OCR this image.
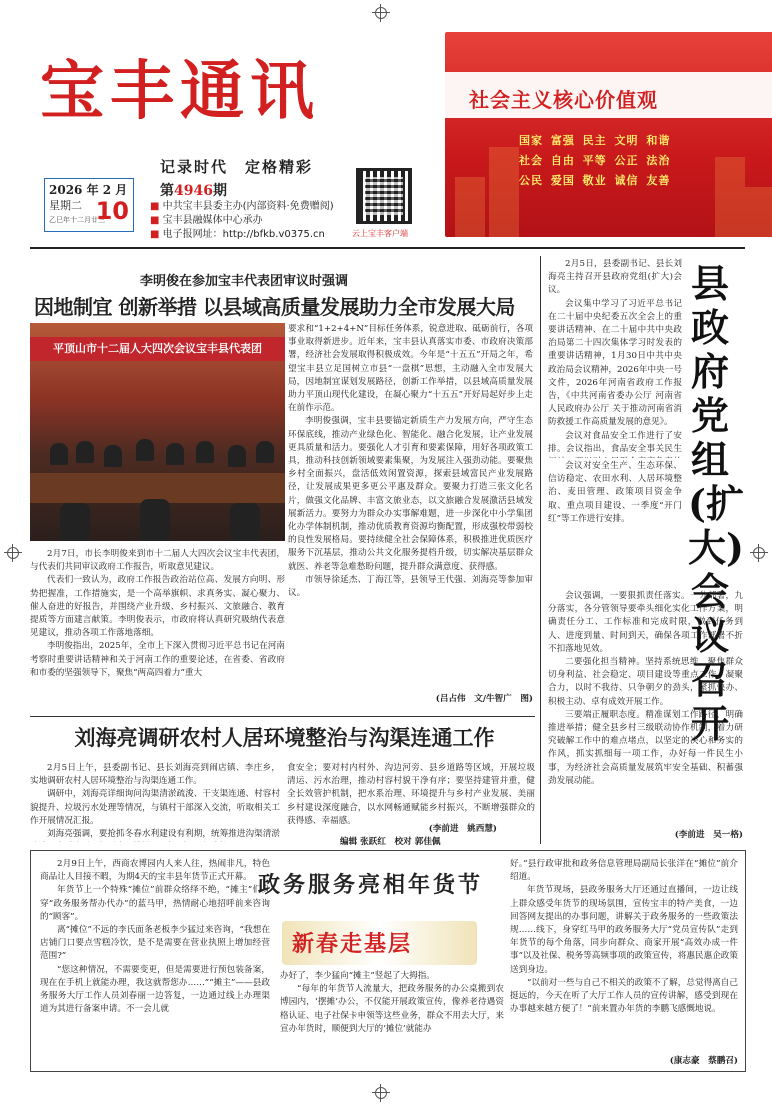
宝丰通讯
记录时代　定格精彩
2026 年 2 月
星期二
乙巳年十二月廿三
10
第4946期
■ 中共宝丰县委主办(内部资料·免费赠阅)
■ 宝丰县融媒体中心承办
■ 电子报网址：http://bfkb.v0375.cn	云上宝丰客户端
社会主义核心价值观
国家 富强 民主 文明 和谐
社会 自由 平等 公正 法治
公民 爱国 敬业 诚信 友善
李明俊在参加宝丰代表团审议时强调
因地制宜 创新举措 以县域高质量发展助力全市发展大局
平顶山市十二届人大四次会议宝丰县代表团

2月7日，市长李明俊来到市十二届人大四次会议宝丰代表团，与代表们共同审议政府工作报告，听取意见建议。

代表们一致认为，政府工作报告政治站位高、发展方向明、形势把握准，工作措施实，是一个高举旗帜、求真务实、凝心聚力、催人奋进的好报告，并围绕产业升级、乡村振兴、文旅融合、教育提质等方面建言献策。李明俊表示，市政府将认真研究吸纳代表意见建议，推动各项工作落地落细。

李明俊指出，2025年，全市上下深入贯彻习近平总书记在河南考察时重要讲话精神和关于河南工作的重要论述，在省委、省政府和市委的坚强领导下，聚焦“两高四着力”重大

要求和“1+2+4+N”目标任务体系，锐意进取、砥砺前行，各项事业取得新进步。近年来，宝丰县认真落实市委、市政府决策部署，经济社会发展取得积极成效。今年是“十五五”开局之年，希望宝丰县立足国树立市县“一盘棋”思想，主动融入全市发展大局，因地制宜谋划发展路径，创新工作举措，以县域高质量发展助力平顶山现代化建设，在凝心聚力“十五五”开好局起好步上走在前作示范。

李明俊强调，宝丰县要锚定新质生产力发展方向，严守生态环保底线，推动产业绿色化、智能化、融合化发展，让产业发展更具质量和活力。要强化人才引育和要素保障，用好各项政策工具，推动科技创新领域要素集聚，为发展注入强劲动能。要聚焦乡村全面振兴，盘活低效闲置资源，探索县域富民产业发展路径，让发展成果更多更公平惠及群众。要聚力打造三张文化名片，做强文化品牌、丰富文旅业态，以文旅融合发展激活县域发展新活力。要努力为群众办实事解难题，进一步深化中小学集团化办学体制机制，推动优质教育资源均衡配置，形成强校带弱校的良性发展格局。要持续健全社会保障体系，积极推进优质医疗服务下沉基层，推动公共文化服务提档升级，切实解决基层群众就医、养老等急难愁盼问题，提升群众满意度、获得感。

市领导徐延杰、丁海江等，县领导王代强、刘海亮等参加审议。

(吕占伟　文/牛智广　图)
刘海亮调研农村人居环境整治与沟渠连通工作

2月5日上午，县委副书记、县长刘海亮到闹店镇、李庄乡，实地调研农村人居环境整治与沟渠连通工作。

调研中，刘海亮详细询问沟渠清淤疏浚、干支渠连通、村容村貌提升、垃圾污水处理等情况，与镇村干部深入交流，听取相关工作开展情况汇报。

刘海亮强调，要抢抓冬春水利建设有利期，统筹推进沟渠清淤

食安全；要对村内村外、沟边河旁、县乡道路等区域，开展垃圾清运、污水治理，推动村容村貌干净有序；要坚持建管并重，健全长效管护机制，把水系治理、环境提升与乡村产业发展、美丽乡村建设深度融合，以水网畅通赋能乡村振兴，不断增强群众的获得感、幸福感。

(李前进　姚西慧)
编辑 张跃红　校对 郭佳佩
县政府党组(扩大)会议召开

2月5日，县委副书记、县长刘海亮主持召开县政府党组(扩大)会议。

会议集中学习了习近平总书记在二十届中央纪委五次全会上的重要讲话精神、在二十届中共中央政治局第二十四次集体学习时发表的重要讲话精神，1月30日中共中央政治局会议精神，2026年中央一号文件，2026年河南省政府工作报告，《中共河南省委办公厅 河南省人民政府办公厅 关于推动河南省消防救援工作高质量发展的意见》。

会议对食品安全工作进行了安排。会议指出，食品安全事关民生

会议对安全生产、生态环保、信访稳定、农田水利、人居环境整治、麦田管理、政策项目资金争取、重点项目建设、一季度“开门红”等工作进行安排。

会议强调，一要狠抓责任落实。一分部署，九分落实，各分管领导要牵头细化实化工作方案，明确责任分工、工作标准和完成时限，做到任务到人、进度到量、时间到天，确保各项工作部署不折不扣落地见效。

二要强化担当精神。坚持系统思维，聚焦群众切身利益、社会稳定、项目建设等重点工作，凝聚合力，以时不我待、只争朝夕的劲头，紧抓快办、积极主动、卓有成效开展工作。

三要端正履职态度。精准谋划工作路径，明确推进举措；健全县乡村三级联动协作机制，着力研究破解工作中的难点堵点，以坚定的决心和务实的作风，抓实抓细每一项工作，办好每一件民生小事，为经济社会高质量发展筑牢安全基础、积蓄强劲发展动能。

(李前进　吴一格)
政务服务亮相年货节
新春走基层

2月9日上午，西商农博园内人来人往，热闹非凡，特色商品让人目接不暇，为期4天的宝丰县年货节正式开幕。

年货节上一个特殊“摊位”前群众络绎不绝，“摊主”们身穿“政务服务帮办代办”的蓝马甲，热情耐心地招呼前来咨询的“顾客”。

离“摊位”不远的李氏面条老板李少猛过来咨询，“我想在店铺门口要点雪糕冷饮，是不是需要在营业执照上增加经营范围?”

“您这种情况，不需要变更，但是需要进行预包装备案，现在在手机上就能办理，我这就帮您办……”“摊主”——县政务服务大厅工作人员刘春丽一边答复，一边通过线上办理渠道为其进行备案申请。不一会儿就

办好了，李少猛向“摊主”竖起了大拇指。

“每年的年货节人流量大，把政务服务的办公桌搬到农博园内，‘摆摊’办公，不仅能开展政策宣传，像养老待遇资格认证、电子社保卡申领等这些业务，群众不用去大厅，来宣办年货时，顺便到大厅的‘摊位’就能办

好。”县行政审批和政务信息管理局副局长张洋在“摊位”前介绍道。

年货节现场，县政务服务大厅还通过直播间，一边让线上群众感受年货节的现场氛围，宣传宝丰的特产美食，一边回答网友提出的办事问题，讲解关于政务服务的一些政策法规……线下，身穿红马甲的政务服务大厅“党员宣传队”走到年货节的每个角落，同步向群众、商家开展“高效办成一件事”以及社保、税务等高频事项的政策宣传，将惠民惠企政策送到身边。

“以前对一些与自己不相关的政策不了解，总觉得离自己挺远的，今天在听了大厅工作人员的宣传讲解，感受到现在办事越来越方便了！”前来置办年货的李鹏飞感慨地说。

(康志豪　蔡鹏召)
